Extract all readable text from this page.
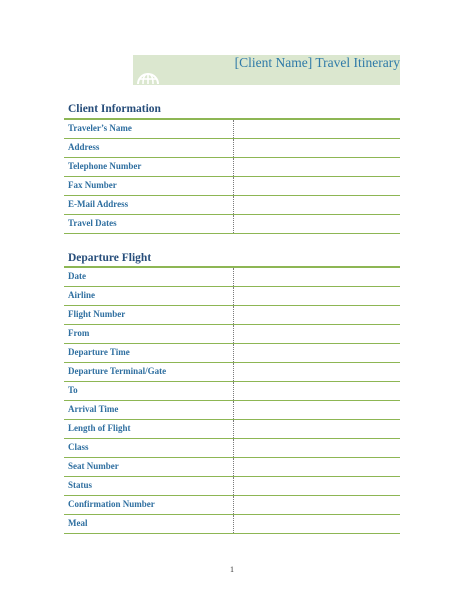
[Client Name] Travel Itinerary
Client Information
Traveler’s Name
Address
Telephone Number
Fax Number
E-Mail Address
Travel Dates
Departure Flight
Date
Airline
Flight Number
From
Departure Time
Departure Terminal/Gate
To
Arrival Time
Length of Flight
Class
Seat Number
Status
Confirmation Number
Meal
1
